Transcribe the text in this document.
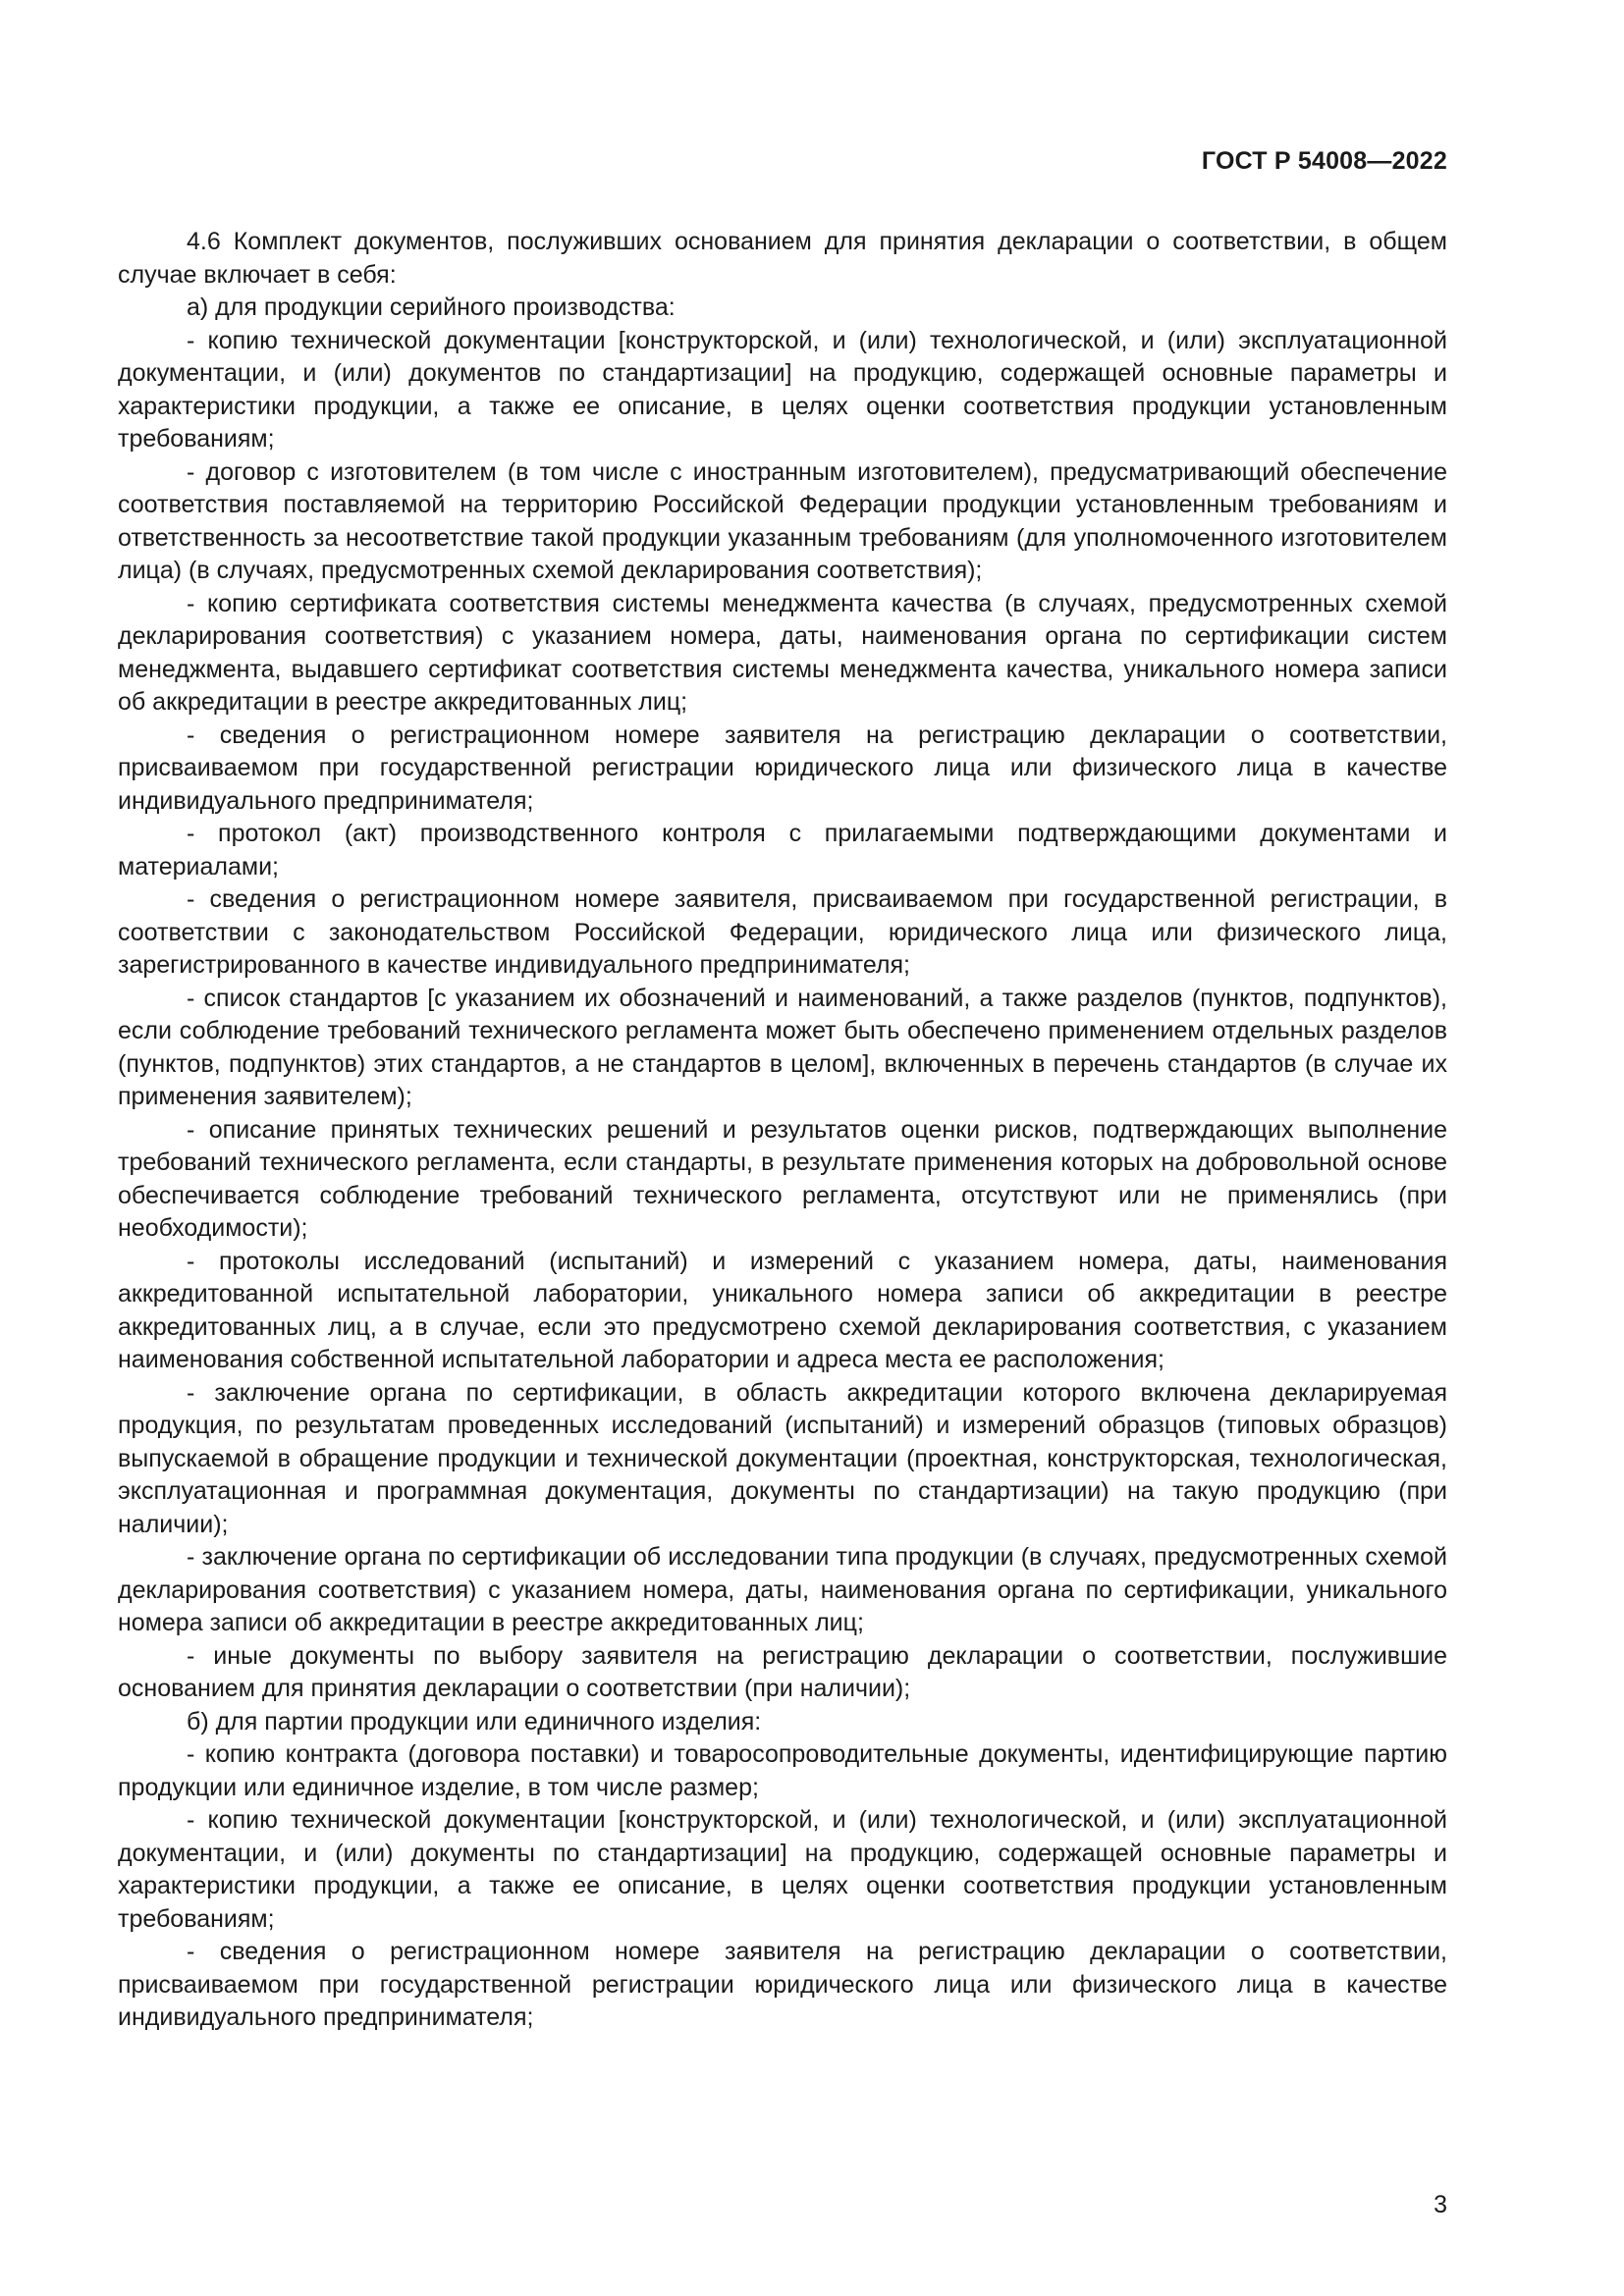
ГОСТ Р 54008—2022

4.6 Комплект документов, послуживших основанием для принятия декларации о соответствии, в общем случае включает в себя:

а) для продукции серийного производства:

- копию технической документации [конструкторской, и (или) технологической, и (или) эксплуатационной документации, и (или) документов по стандартизации] на продукцию, содержащей основные параметры и характеристики продукции, а также ее описание, в целях оценки соответствия продукции установленным требованиям;

- договор с изготовителем (в том числе с иностранным изготовителем), предусматривающий обеспечение соответствия поставляемой на территорию Российской Федерации продукции установленным требованиям и ответственность за несоответствие такой продукции указанным требованиям (для уполномоченного изготовителем лица) (в случаях, предусмотренных схемой декларирования соответствия);

- копию сертификата соответствия системы менеджмента качества (в случаях, предусмотренных схемой декларирования соответствия) с указанием номера, даты, наименования органа по сертификации систем менеджмента, выдавшего сертификат соответствия системы менеджмента качества, уникального номера записи об аккредитации в реестре аккредитованных лиц;

- сведения о регистрационном номере заявителя на регистрацию декларации о соответствии, присваиваемом при государственной регистрации юридического лица или физического лица в качестве индивидуального предпринимателя;

- протокол (акт) производственного контроля с прилагаемыми подтверждающими документами и материалами;

- сведения о регистрационном номере заявителя, присваиваемом при государственной регистрации, в соответствии с законодательством Российской Федерации, юридического лица или физического лица, зарегистрированного в качестве индивидуального предпринимателя;

- список стандартов [с указанием их обозначений и наименований, а также разделов (пунктов, подпунктов), если соблюдение требований технического регламента может быть обеспечено применением отдельных разделов (пунктов, подпунктов) этих стандартов, а не стандартов в целом], включенных в перечень стандартов (в случае их применения заявителем);

- описание принятых технических решений и результатов оценки рисков, подтверждающих выполнение требований технического регламента, если стандарты, в результате применения которых на добровольной основе обеспечивается соблюдение требований технического регламента, отсутствуют или не применялись (при необходимости);

- протоколы исследований (испытаний) и измерений с указанием номера, даты, наименования аккредитованной испытательной лаборатории, уникального номера записи об аккредитации в реестре аккредитованных лиц, а в случае, если это предусмотрено схемой декларирования соответствия, с указанием наименования собственной испытательной лаборатории и адреса места ее расположения;

- заключение органа по сертификации, в область аккредитации которого включена декларируемая продукция, по результатам проведенных исследований (испытаний) и измерений образцов (типовых образцов) выпускаемой в обращение продукции и технической документации (проектная, конструкторская, технологическая, эксплуатационная и программная документация, документы по стандартизации) на такую продукцию (при наличии);

- заключение органа по сертификации об исследовании типа продукции (в случаях, предусмотренных схемой декларирования соответствия) с указанием номера, даты, наименования органа по сертификации, уникального номера записи об аккредитации в реестре аккредитованных лиц;

- иные документы по выбору заявителя на регистрацию декларации о соответствии, послужившие основанием для принятия декларации о соответствии (при наличии);

б) для партии продукции или единичного изделия:

- копию контракта (договора поставки) и товаросопроводительные документы, идентифицирующие партию продукции или единичное изделие, в том числе размер;

- копию технической документации [конструкторской, и (или) технологической, и (или) эксплуатационной документации, и (или) документы по стандартизации] на продукцию, содержащей основные параметры и характеристики продукции, а также ее описание, в целях оценки соответствия продукции установленным требованиям;

- сведения о регистрационном номере заявителя на регистрацию декларации о соответствии, присваиваемом при государственной регистрации юридического лица или физического лица в качестве индивидуального предпринимателя;

3
